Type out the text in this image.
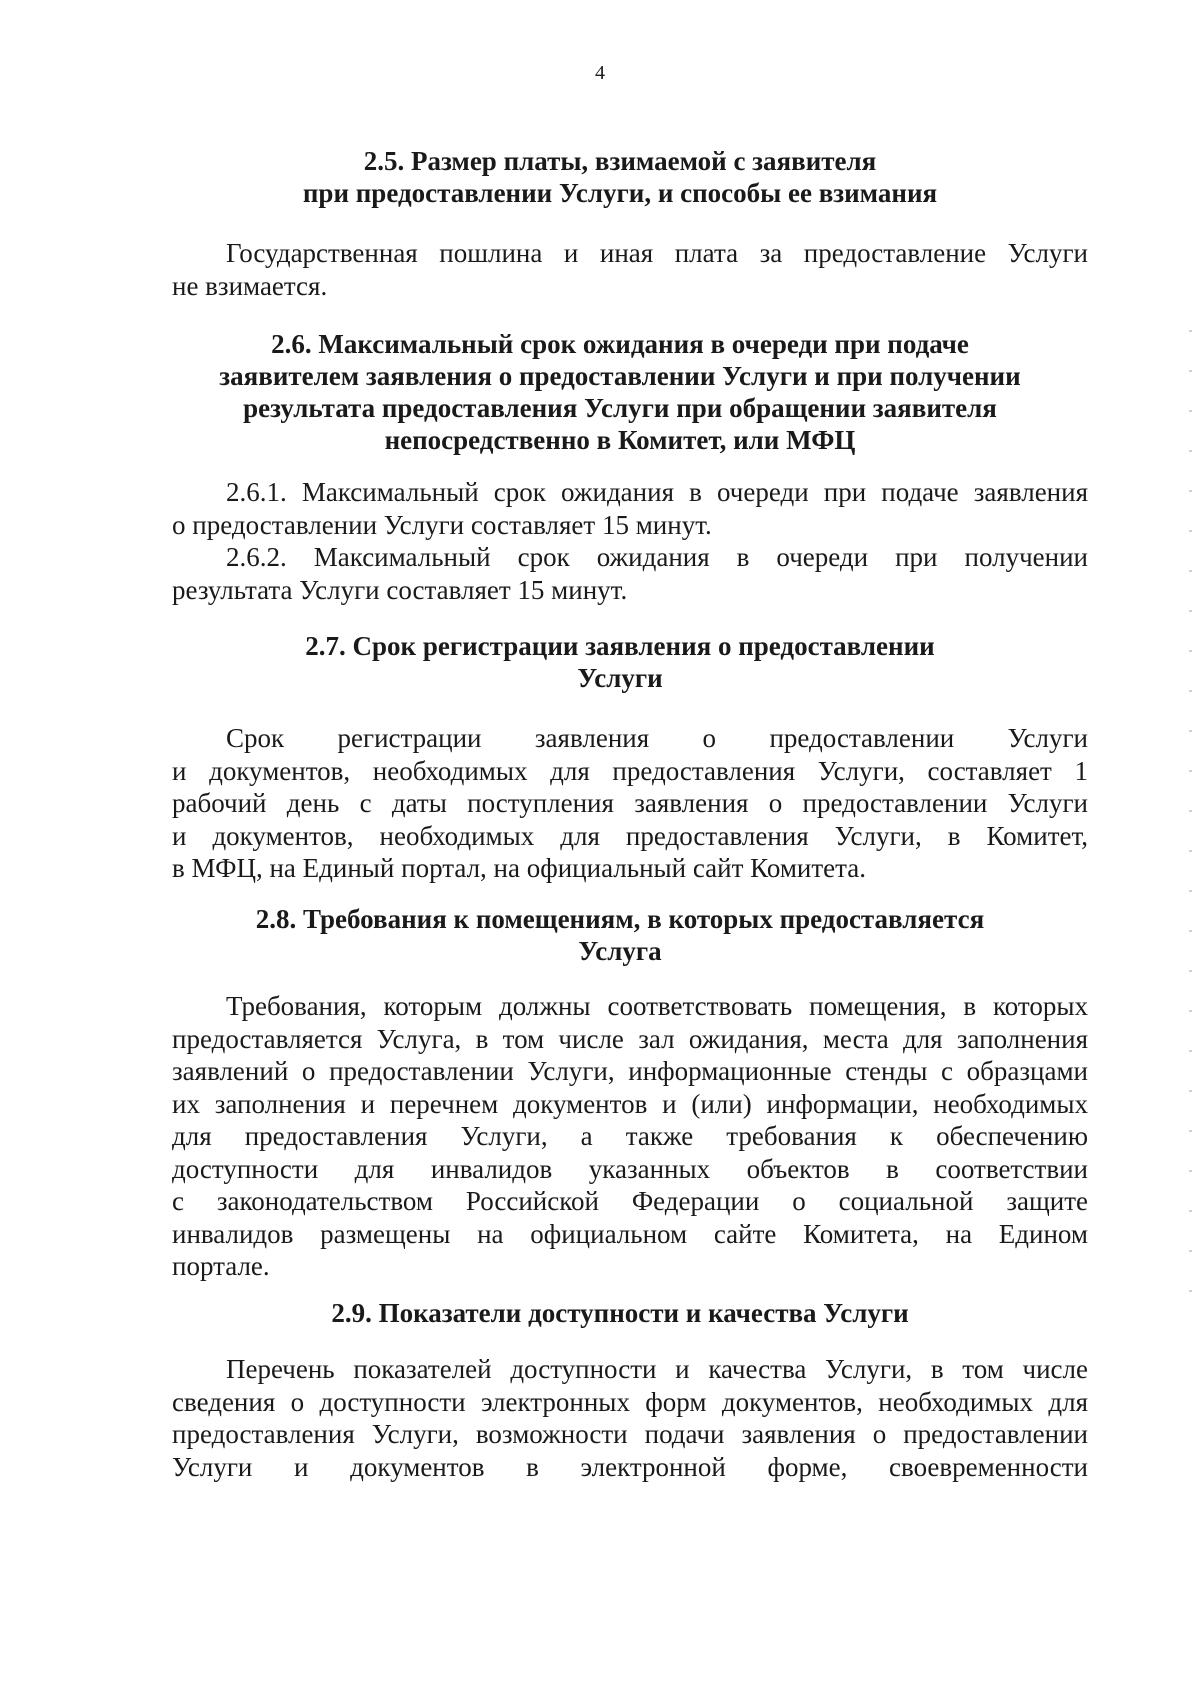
4
2.5. Размер платы, взимаемой с заявителя
при предоставлении Услуги, и способы ее взимания

Государственная пошлина и иная плата за предоставление Услуги
не взимается.

2.6. Максимальный срок ожидания в очереди при подаче
заявителем заявления о предоставлении Услуги и при получении
результата предоставления Услуги при обращении заявителя
непосредственно в Комитет, или МФЦ

2.6.1. Максимальный срок ожидания в очереди при подаче заявления
о предоставлении Услуги составляет 15 минут.

2.6.2. Максимальный срок ожидания в очереди при получении
результата Услуги составляет 15 минут.

2.7. Срок регистрации заявления о предоставлении
Услуги

Срок регистрации заявления о предоставлении Услуги
и документов, необходимых для предоставления Услуги, составляет 1
рабочий день с даты поступления заявления о предоставлении Услуги
и документов, необходимых для предоставления Услуги, в Комитет,
в МФЦ, на Единый портал, на официальный сайт Комитета.

2.8. Требования к помещениям, в которых предоставляется
Услуга

Требования, которым должны соответствовать помещения, в которых
предоставляется Услуга, в том числе зал ожидания, места для заполнения
заявлений о предоставлении Услуги, информационные стенды с образцами
их заполнения и перечнем документов и (или) информации, необходимых
для предоставления Услуги, а также требования к обеспечению
доступности для инвалидов указанных объектов в соответствии
с законодательством Российской Федерации о социальной защите
инвалидов размещены на официальном сайте Комитета, на Едином
портале.

2.9. Показатели доступности и качества Услуги

Перечень показателей доступности и качества Услуги, в том числе
сведения о доступности электронных форм документов, необходимых для
предоставления Услуги, возможности подачи заявления о предоставлении
Услуги и документов в электронной форме, своевременности
